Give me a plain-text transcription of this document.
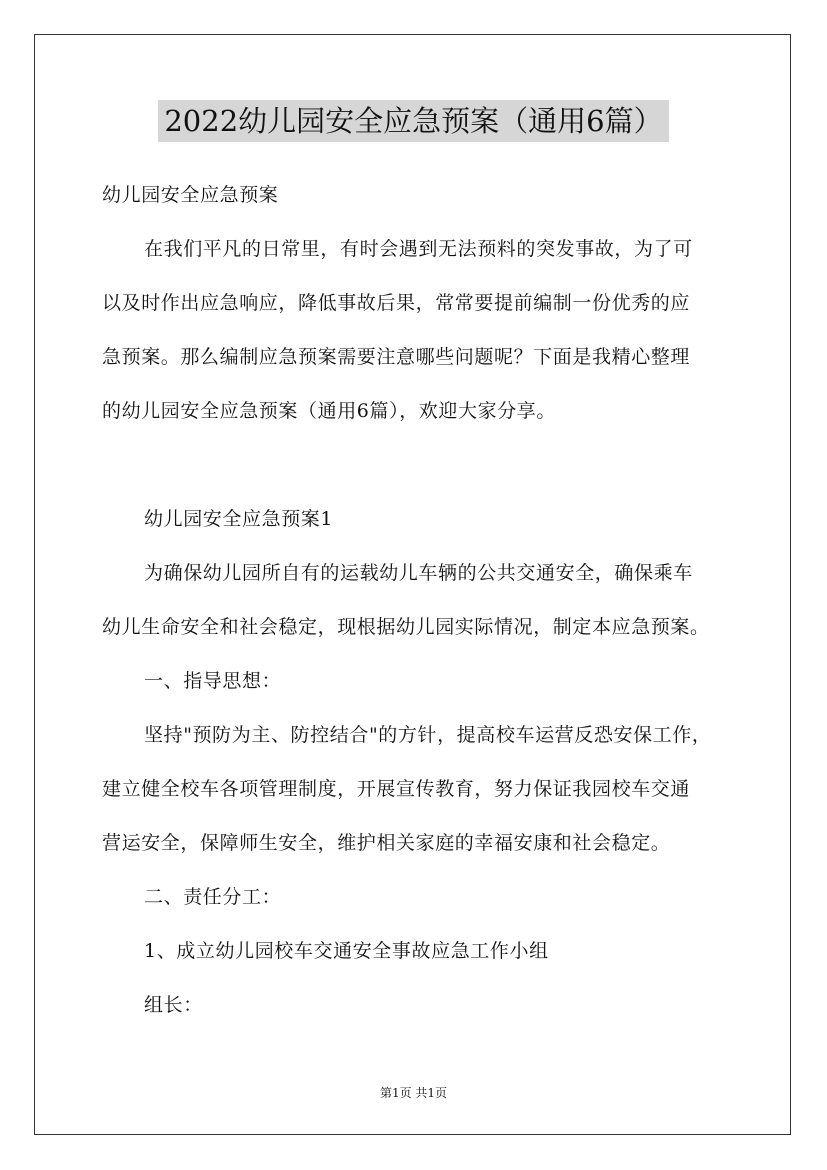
2022幼儿园安全应急预案（通用6篇）
幼儿园安全应急预案
在我们平凡的日常里，有时会遇到无法预料的突发事故，为了可
以及时作出应急响应，降低事故后果，常常要提前编制一份优秀的应
急预案。那么编制应急预案需要注意哪些问题呢？下面是我精心整理
的幼儿园安全应急预案（通用6篇），欢迎大家分享。
幼儿园安全应急预案1
为确保幼儿园所自有的运载幼儿车辆的公共交通安全，确保乘车
幼儿生命安全和社会稳定，现根据幼儿园实际情况，制定本应急预案。
一、指导思想：
坚持"预防为主、防控结合"的方针，提高校车运营反恐安保工作，
建立健全校车各项管理制度，开展宣传教育，努力保证我园校车交通
营运安全，保障师生安全，维护相关家庭的幸福安康和社会稳定。
二、责任分工：
1、成立幼儿园校车交通安全事故应急工作小组
组长：
第1页 共1页
